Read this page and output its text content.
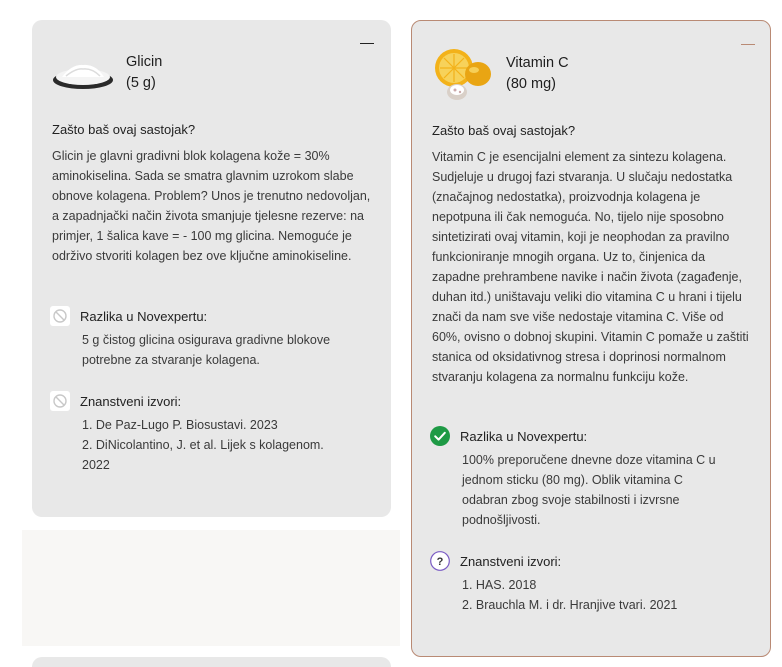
Glicin
(5 g)
Zašto baš ovaj sastojak?
Glicin je glavni gradivni blok kolagena kože = 30% aminokiselina. Sada se smatra glavnim uzrokom slabe obnove kolagena. Problem? Unos je trenutno nedovoljan, a zapadnjački način života smanjuje tjelesne rezerve: na primjer, 1 šalica kave = - 100 mg glicina. Nemoguće je održivo stvoriti kolagen bez ove ključne aminokiseline.
Razlika u Novexpertu:
5 g čistog glicina osigurava gradivne blokove potrebne za stvaranje kolagena.
Znanstveni izvori:
1. De Paz-Lugo P. Biosustavi. 2023
2. DiNicolantino, J. et al. Lijek s kolagenom. 2022
Vitamin C
(80 mg)
Zašto baš ovaj sastojak?
Vitamin C je esencijalni element za sintezu kolagena. Sudjeluje u drugoj fazi stvaranja. U slučaju nedostatka (značajnog nedostatka), proizvodnja kolagena je nepotpuna ili čak nemoguća. No, tijelo nije sposobno sintetizirati ovaj vitamin, koji je neophodan za pravilno funkcioniranje mnogih organa. Uz to, činjenica da zapadne prehrambene navike i način života (zagađenje, duhan itd.) uništavaju veliki dio vitamina C u hrani i tijelu znači da nam sve više nedostaje vitamina C. Više od 60%, ovisno o dobnoj skupini. Vitamin C pomaže u zaštiti stanica od oksidativnog stresa i doprinosi normalnom stvaranju kolagena za normalnu funkciju kože.
Razlika u Novexpertu:
100% preporučene dnevne doze vitamina C u jednom sticku (80 mg). Oblik vitamina C odabran zbog svoje stabilnosti i izvrsne podnošljivosti.
? Znanstveni izvori:
1. HAS. 2018
2. Brauchla M. i dr. Hranjive tvari. 2021
